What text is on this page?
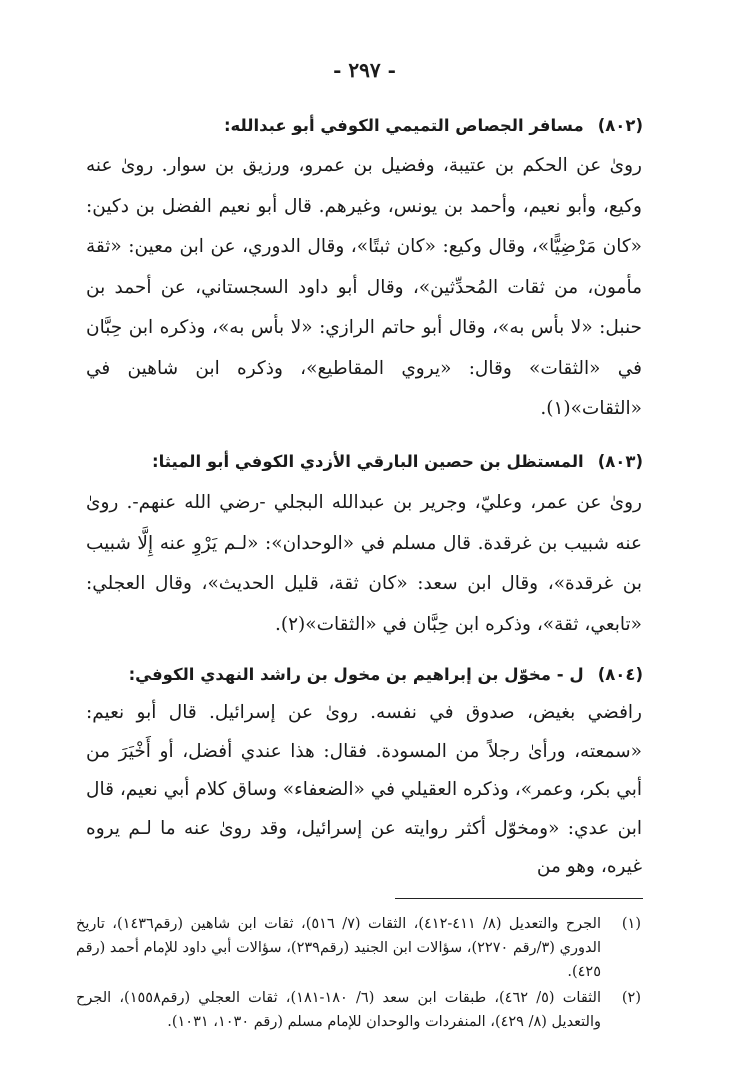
- ٢٩٧ -
(٨٠٢)مسافر الجصاص التميمي الكوفي أبو عبدالله:
رویٰ عن الحكم بن عتيبة، وفضيل بن عمرو، ورزيق بن سوار. رویٰ عنه وكيع، وأبو نعيم، وأحمد بن يونس، وغيرهم. قال أبو نعيم الفضل بن دكين: «كان مَرْضِيًّا»، وقال وكيع: «كان ثبتًا»، وقال الدوري، عن ابن معين: «ثقة مأمون، من ثقات المُحدِّثين»، وقال أبو داود السجستاني، عن أحمد بن حنبل: «لا بأس به»، وقال أبو حاتم الرازي: «لا بأس به»، وذكره ابن حِبَّان في «الثقات» وقال: «يروي المقاطيع»، وذكره ابن شاهين في «الثقات»(١).
(٨٠٣)المستظل بن حصين البارقي الأزدي الكوفي أبو الميثا:
رویٰ عن عمر، وعليّ، وجرير بن عبدالله البجلي -رضي الله عنهم-. رویٰ عنه شبيب بن غرقدة. قال مسلم في «الوحدان»: «لـم يَرْوِ عنه إِلَّا شبيب بن غرقدة»، وقال ابن سعد: «كان ثقة، قليل الحديث»، وقال العجلي: «تابعي، ثقة»، وذكره ابن حِبَّان في «الثقات»(٢).
(٨٠٤)ل - مخوّل بن إبراهيم بن مخول بن راشد النهدي الكوفي:
رافضي بغيض، صدوق في نفسه. رویٰ عن إسرائيل. قال أبو نعيم: «سمعته، ورأىٰ رجلاً من المسودة. فقال: هذا عندي أفضل، أو أَخْيَرَ من أبي بكر، وعمر»، وذكره العقيلي في «الضعفاء» وساق كلام أبي نعيم، قال ابن عدي: «ومخوّل أكثر روايته عن إسرائيل، وقد رویٰ عنه ما لـم يروه غيره، وهو من
(١)
الجرح والتعديل (٨/ ٤١١-٤١٢)، الثقات (٧/ ٥١٦)، ثقات ابن شاهين (رقم١٤٣٦)، تاريخ الدوري (٣/رقم ٢٢٧٠)، سؤالات ابن الجنيد (رقم٢٣٩)، سؤالات أبي داود للإمام أحمد (رقم ٤٢٥).
(٢)
الثقات (٥/ ٤٦٢)، طبقات ابن سعد (٦/ ١٨٠-١٨١)، ثقات العجلي (رقم١٥٥٨)، الجرح والتعديل (٨/ ٤٢٩)، المنفردات والوحدان للإمام مسلم (رقم ١٠٣٠، ١٠٣١).
